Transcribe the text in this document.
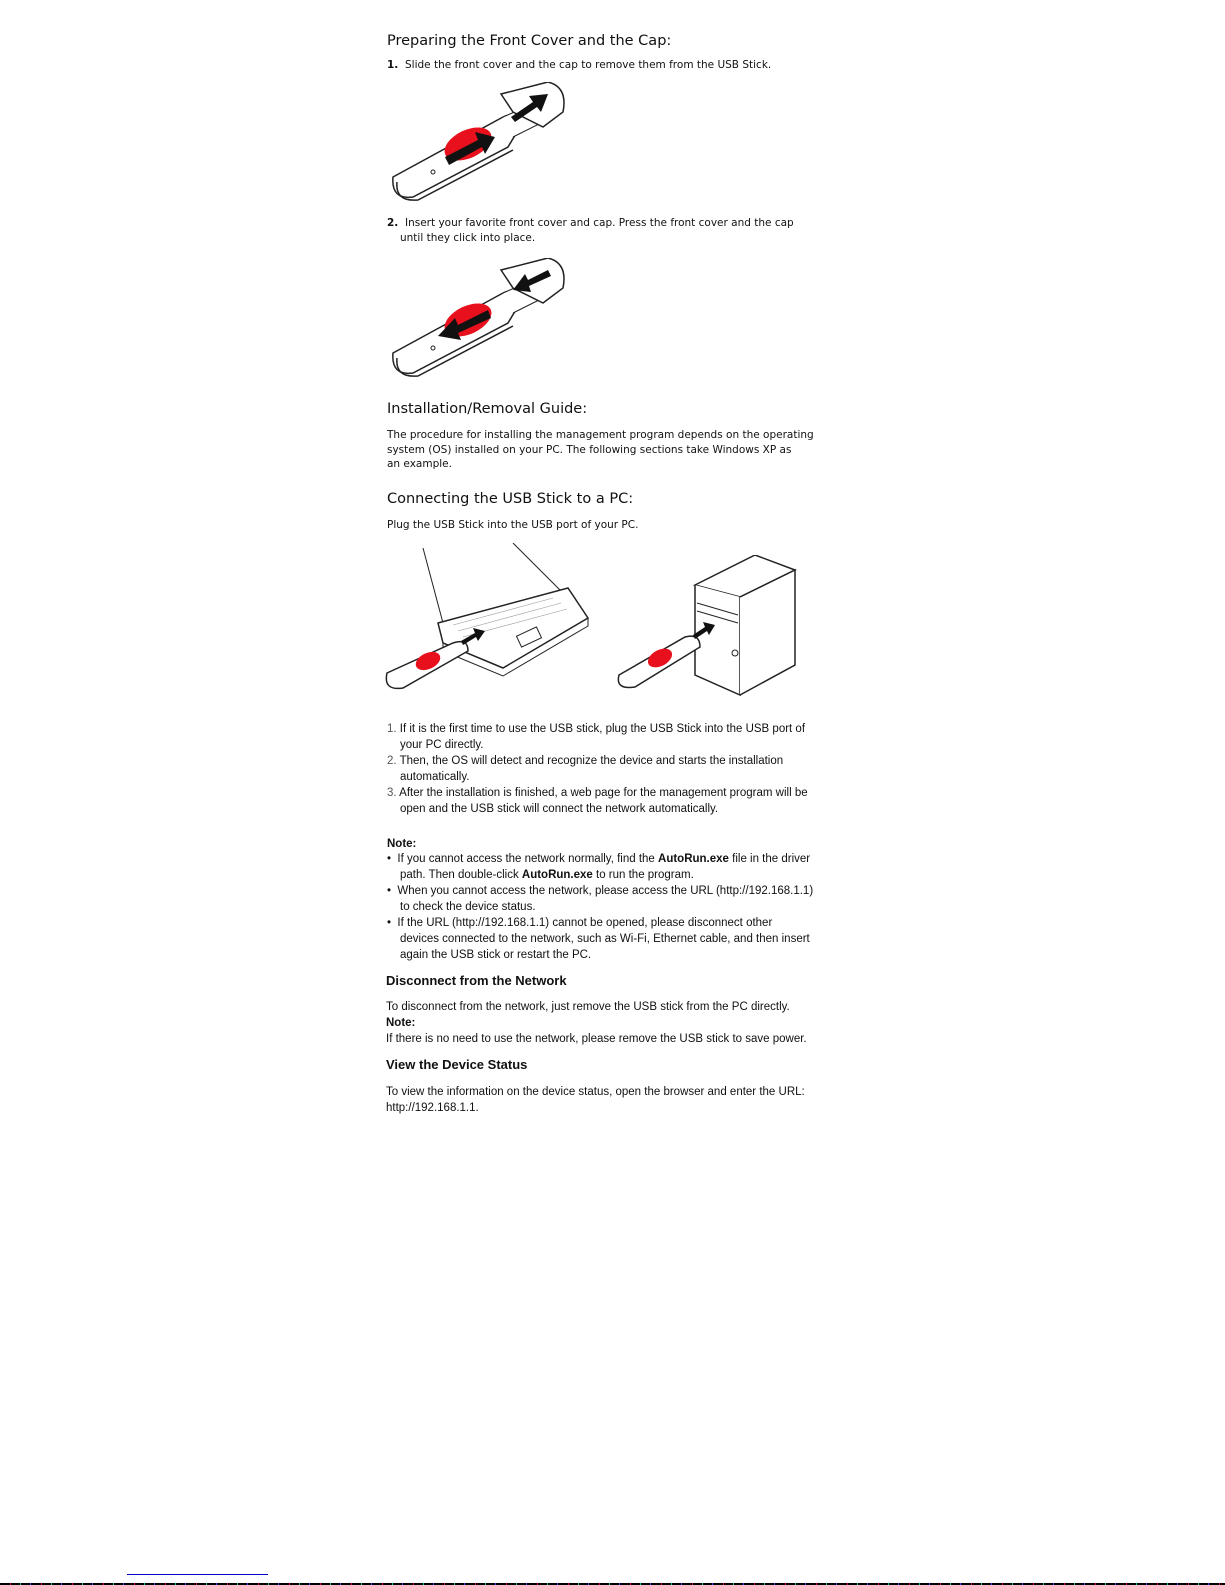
Preparing the Front Cover and the Cap:
1. Slide the front cover and the cap to remove them from the USB Stick.
2. Insert your favorite front cover and cap. Press the front cover and the cap
until they click into place.
Installation/Removal Guide:
The procedure for installing the management program depends on the operating
system (OS) installed on your PC. The following sections take Windows XP as
an example.
Connecting the USB Stick to a PC:
Plug the USB Stick into the USB port of your PC.
1. If it is the first time to use the USB stick, plug the USB Stick into the USB port of
your PC directly.
2. Then, the OS will detect and recognize the device and starts the installation
automatically.
3. After the installation is finished, a web page for the management program will be
open and the USB stick will connect the network automatically.
Note:
•  If you cannot access the network normally, find the AutoRun.exe file in the driver
path. Then double-click AutoRun.exe to run the program.
•  When you cannot access the network, please access the URL (http://192.168.1.1)
to check the device status.
•  If the URL (http://192.168.1.1) cannot be opened, please disconnect other
devices connected to the network, such as Wi-Fi, Ethernet cable, and then insert
again the USB stick or restart the PC.
Disconnect from the Network
To disconnect from the network, just remove the USB stick from the PC directly.
Note:
If there is no need to use the network, please remove the USB stick to save power.
View the Device Status
To view the information on the device status, open the browser and enter the URL:
http://192.168.1.1.
